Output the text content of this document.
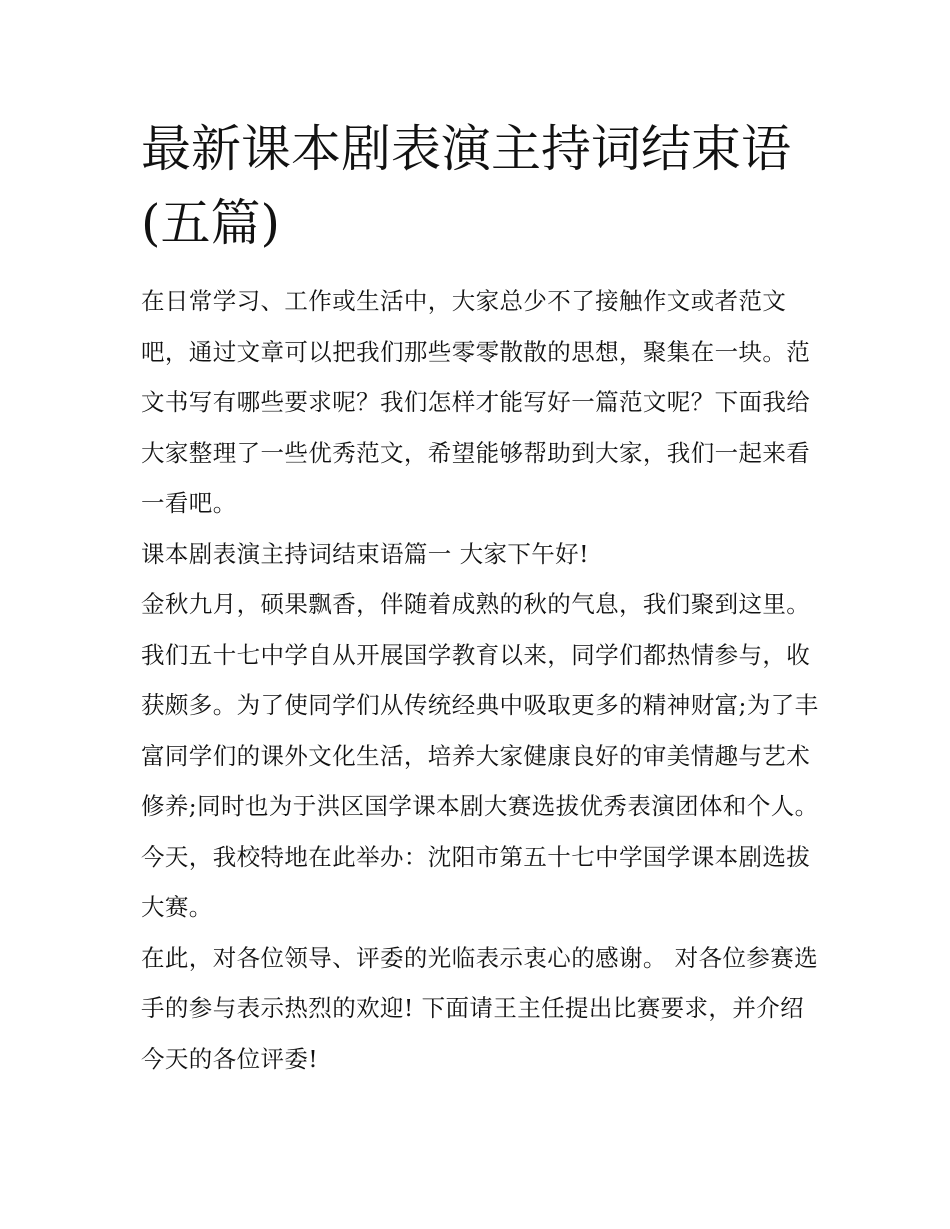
最新课本剧表演主持词结束语(五篇)

在日常学习、工作或生活中，大家总少不了接触作文或者范文吧，通过文章可以把我们那些零零散散的思想，聚集在一块。范文书写有哪些要求呢？我们怎样才能写好一篇范文呢？下面我给大家整理了一些优秀范文，希望能够帮助到大家，我们一起来看一看吧。

课本剧表演主持词结束语篇一 大家下午好!

金秋九月，硕果飘香，伴随着成熟的秋的气息，我们聚到这里。我们五十七中学自从开展国学教育以来，同学们都热情参与，收获颇多。为了使同学们从传统经典中吸取更多的精神财富;为了丰富同学们的课外文化生活，培养大家健康良好的审美情趣与艺术修养;同时也为于洪区国学课本剧大赛选拔优秀表演团体和个人。今天，我校特地在此举办：沈阳市第五十七中学国学课本剧选拔大赛。

在此，对各位领导、评委的光临表示衷心的感谢。 对各位参赛选手的参与表示热烈的欢迎! 下面请王主任提出比赛要求，并介绍今天的各位评委!
